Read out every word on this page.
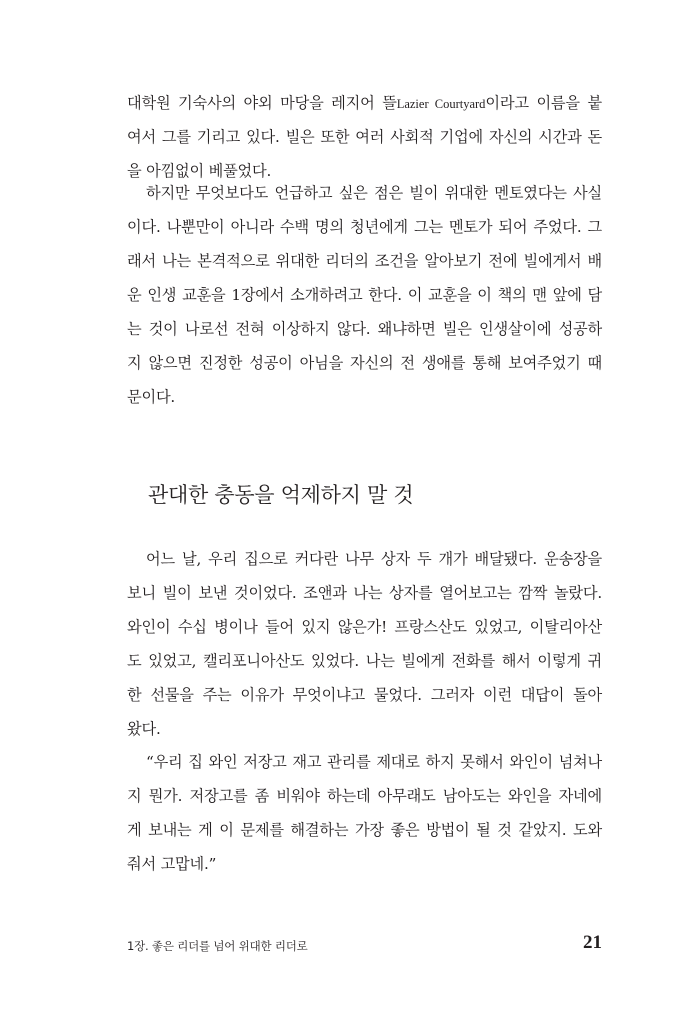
대학원 기숙사의 야외 마당을 레지어 뜰Lazier Courtyard이라고 이름을 붙
여서 그를 기리고 있다. 빌은 또한 여러 사회적 기업에 자신의 시간과 돈
을 아낌없이 베풀었다.
하지만 무엇보다도 언급하고 싶은 점은 빌이 위대한 멘토였다는 사실
이다. 나뿐만이 아니라 수백 명의 청년에게 그는 멘토가 되어 주었다. 그
래서 나는 본격적으로 위대한 리더의 조건을 알아보기 전에 빌에게서 배
운 인생 교훈을 1장에서 소개하려고 한다. 이 교훈을 이 책의 맨 앞에 담
는 것이 나로선 전혀 이상하지 않다. 왜냐하면 빌은 인생살이에 성공하
지 않으면 진정한 성공이 아님을 자신의 전 생애를 통해 보여주었기 때
문이다.
관대한 충동을 억제하지 말 것
어느 날, 우리 집으로 커다란 나무 상자 두 개가 배달됐다. 운송장을
보니 빌이 보낸 것이었다. 조앤과 나는 상자를 열어보고는 깜짝 놀랐다.
와인이 수십 병이나 들어 있지 않은가! 프랑스산도 있었고, 이탈리아산
도 있었고, 캘리포니아산도 있었다. 나는 빌에게 전화를 해서 이렇게 귀
한 선물을 주는 이유가 무엇이냐고 물었다. 그러자 이런 대답이 돌아
왔다.
“우리 집 와인 저장고 재고 관리를 제대로 하지 못해서 와인이 넘쳐나
지 뭔가. 저장고를 좀 비워야 하는데 아무래도 남아도는 와인을 자네에
게 보내는 게 이 문제를 해결하는 가장 좋은 방법이 될 것 같았지. 도와
줘서 고맙네.”
1장. 좋은 리더를 넘어 위대한 리더로	21
